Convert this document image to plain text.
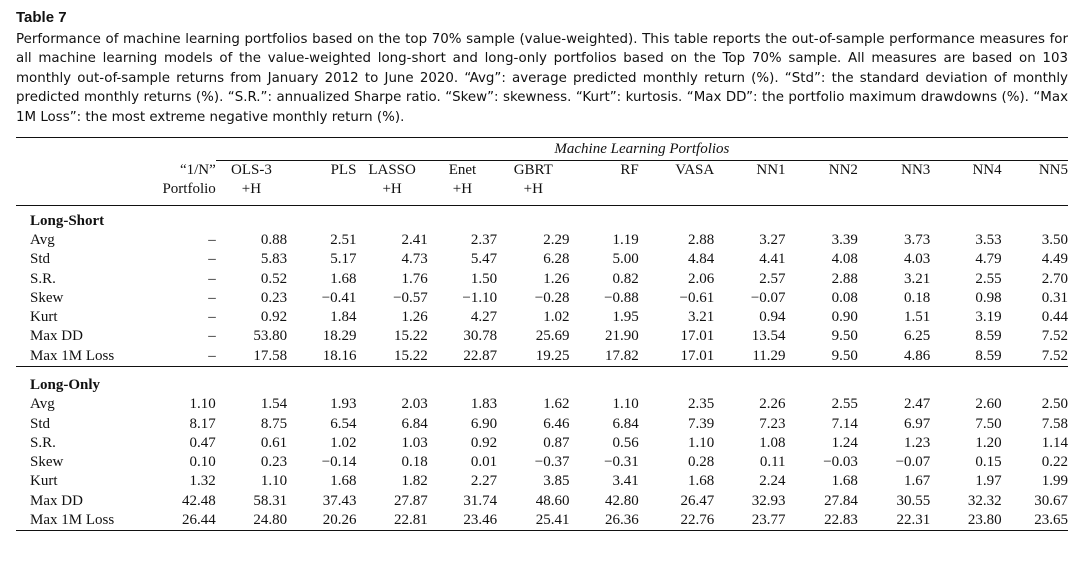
Table 7

Performance of machine learning portfolios based on the top 70% sample (value-weighted). This table reports the out-of-sample performance measures for all machine learning models of the value-weighted long-short and long-only portfolios based on the Top 70% sample. All measures are based on 103 monthly out-of-sample returns from January 2012 to June 2020. “Avg”: average predicted monthly return (%). “Std”: the standard deviation of monthly predicted monthly returns (%). “S.R.”: annualized Sharpe ratio. “Skew”: skewness. “Kurt”: kurtosis. “Max DD”: the portfolio maximum drawdowns (%). “Max 1M Loss”: the most extreme negative monthly return (%).

		Machine Learning Portfolios											
	“1/N”	OLS-3	PLS	LASSO	Enet	GBRT	RF	VASA	NN1	NN2	NN3	NN4	NN5
	Portfolio	+H		+H	+H	+H							
Long-Short													
Avg	–	0.88	2.51	2.41	2.37	2.29	1.19	2.88	3.27	3.39	3.73	3.53	3.50
Std	–	5.83	5.17	4.73	5.47	6.28	5.00	4.84	4.41	4.08	4.03	4.79	4.49
S.R.	–	0.52	1.68	1.76	1.50	1.26	0.82	2.06	2.57	2.88	3.21	2.55	2.70
Skew	–	0.23	−0.41	−0.57	−1.10	−0.28	−0.88	−0.61	−0.07	0.08	0.18	0.98	0.31
Kurt	–	0.92	1.84	1.26	4.27	1.02	1.95	3.21	0.94	0.90	1.51	3.19	0.44
Max DD	–	53.80	18.29	15.22	30.78	25.69	21.90	17.01	13.54	9.50	6.25	8.59	7.52
Max 1M Loss	–	17.58	18.16	15.22	22.87	19.25	17.82	17.01	11.29	9.50	4.86	8.59	7.52

Long-Only													
Avg	1.10	1.54	1.93	2.03	1.83	1.62	1.10	2.35	2.26	2.55	2.47	2.60	2.50
Std	8.17	8.75	6.54	6.84	6.90	6.46	6.84	7.39	7.23	7.14	6.97	7.50	7.58
S.R.	0.47	0.61	1.02	1.03	0.92	0.87	0.56	1.10	1.08	1.24	1.23	1.20	1.14
Skew	0.10	0.23	−0.14	0.18	0.01	−0.37	−0.31	0.28	0.11	−0.03	−0.07	0.15	0.22
Kurt	1.32	1.10	1.68	1.82	2.27	3.85	3.41	1.68	2.24	1.68	1.67	1.97	1.99
Max DD	42.48	58.31	37.43	27.87	31.74	48.60	42.80	26.47	32.93	27.84	30.55	32.32	30.67
Max 1M Loss	26.44	24.80	20.26	22.81	23.46	25.41	26.36	22.76	23.77	22.83	22.31	23.80	23.65
